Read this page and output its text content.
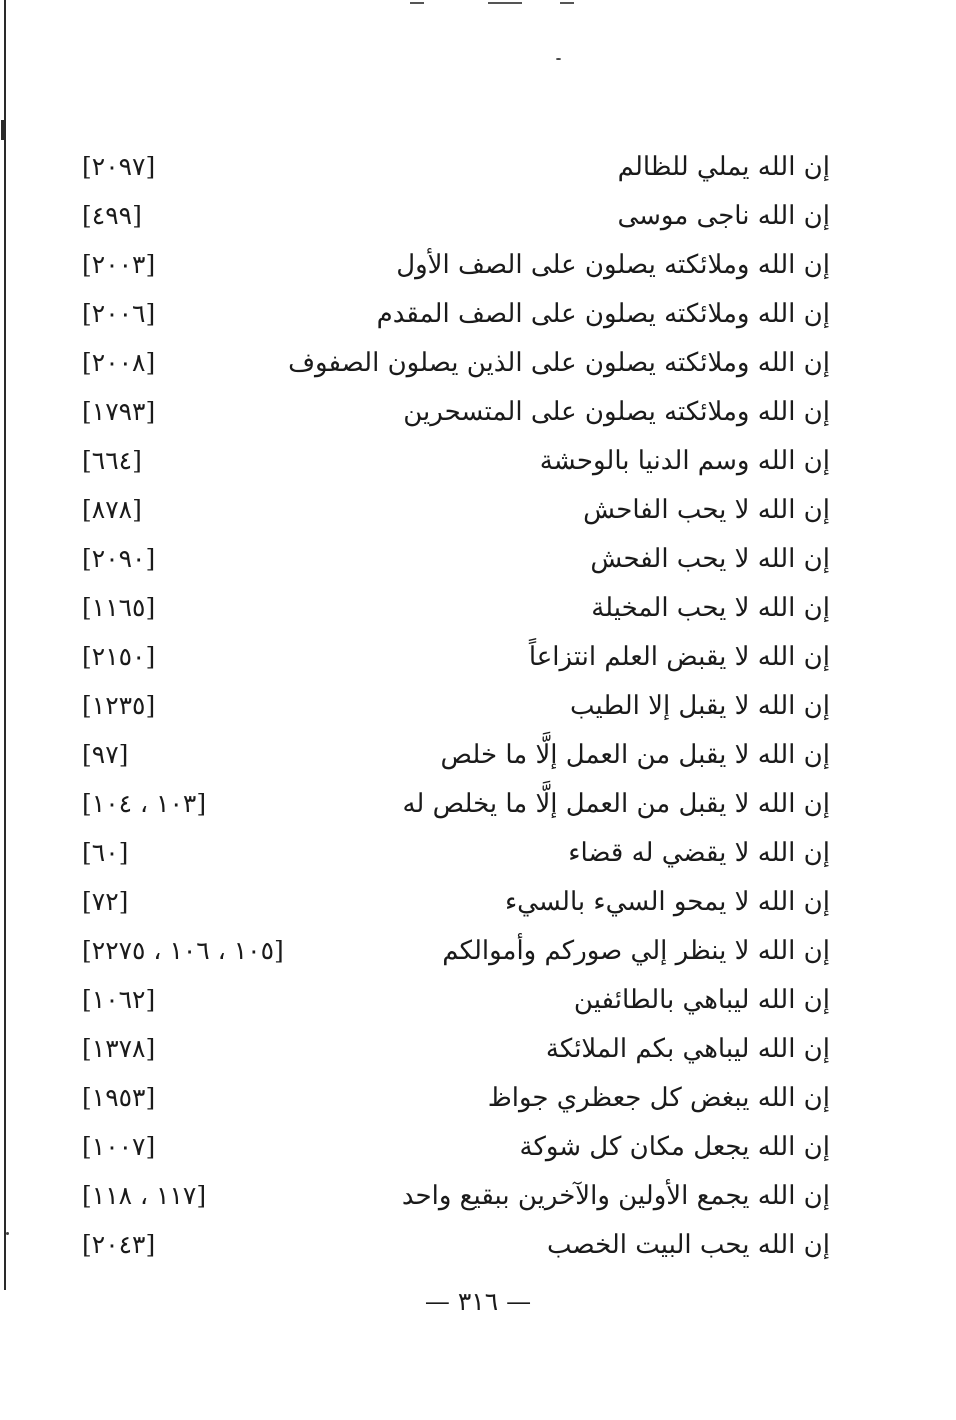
إن الله يملي للظالم
[٢٠٩٧]
إن الله ناجى موسى
[٤٩٩]
إن الله وملائكته يصلون على الصف الأول
[٢٠٠٣]
إن الله وملائكته يصلون على الصف المقدم
[٢٠٠٦]
إن الله وملائكته يصلون على الذين يصلون الصفوف
[٢٠٠٨]
إن الله وملائكته يصلون على المتسحرين
[١٧٩٣]
إن الله وسم الدنيا بالوحشة
[٦٦٤]
إن الله لا يحب الفاحش
[٨٧٨]
إن الله لا يحب الفحش
[٢٠٩٠]
إن الله لا يحب المخيلة
[١١٦٥]
إن الله لا يقبض العلم انتزاعاً
[٢١٥٠]
إن الله لا يقبل إلا الطيب
[١٢٣٥]
إن الله لا يقبل من العمل إلَّا ما خلص
[٩٧]
إن الله لا يقبل من العمل إلَّا ما يخلص له
[١٠٣ ، ١٠٤]
إن الله لا يقضي له قضاء
[٦٠]
إن الله لا يمحو السيء بالسيء
[٧٢]
إن الله لا ينظر إلي صوركم وأموالكم
[١٠٥ ، ١٠٦ ، ٢٢٧٥]
إن الله ليباهي بالطائفين
[١٠٦٢]
إن الله ليباهي بكم الملائكة
[١٣٧٨]
إن الله يبغض كل جعظري جواظ
[١٩٥٣]
إن الله يجعل مكان كل شوكة
[١٠٠٧]
إن الله يجمع الأولين والآخرين ببقيع واحد
[١١٧ ، ١١٨]
إن الله يحب البيت الخصب
[٢٠٤٣]
— ٣١٦ —
